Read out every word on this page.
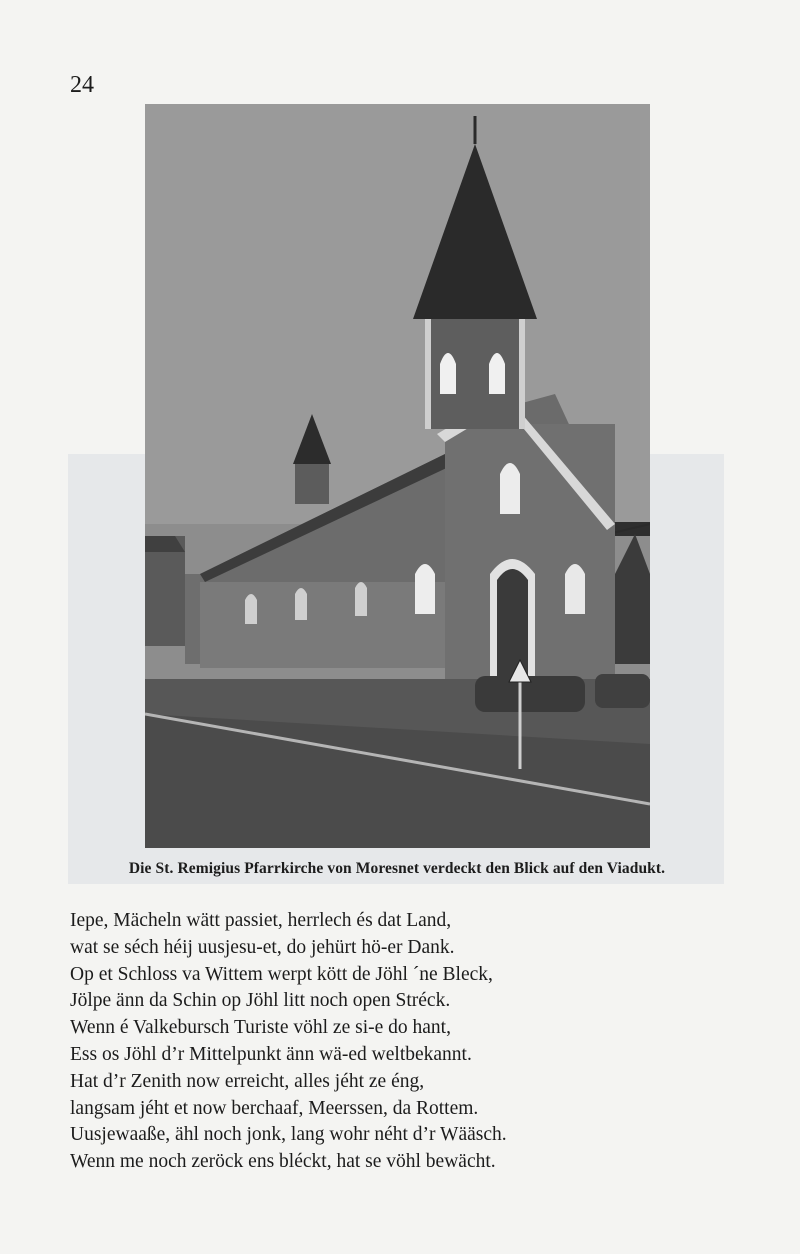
24
Die St. Remigius Pfarrkirche von Moresnet verdeckt den Blick auf den Viadukt.
Iepe, Mächeln wätt passiet, herrlech és dat Land,
wat se séch héij uusjesu-et, do jehürt hö-er Dank.
Op et Schloss va Wittem werpt kött de Jöhl ´ne Bleck,
Jölpe änn da Schin op Jöhl litt noch open Stréck.
Wenn é Valkebursch Turiste vöhl ze si-e do hant,
Ess os Jöhl d’r Mittelpunkt änn wä-ed weltbekannt.
Hat d’r Zenith now erreicht, alles jéht ze éng,
langsam jéht et now berchaaf, Meerssen, da Rottem.
Uusjewaaße, ähl noch jonk, lang wohr néht d’r Wääsch.
Wenn me noch zeröck ens bléckt, hat se vöhl bewächt.
